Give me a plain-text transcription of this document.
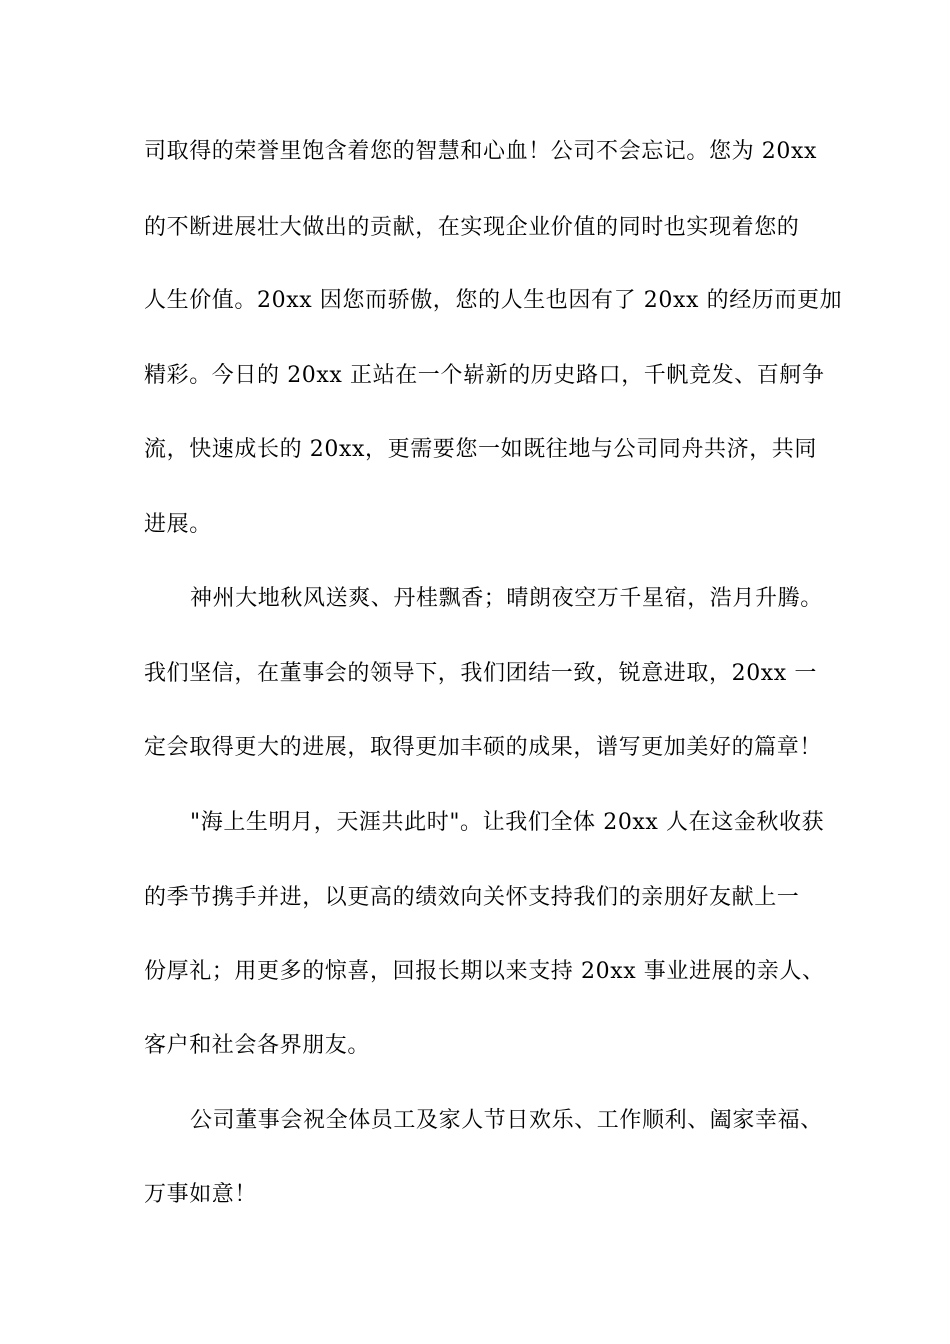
司取得的荣誉里饱含着您的智慧和心血！公司不会忘记。您为 20xx
的不断进展壮大做出的贡献，在实现企业价值的同时也实现着您的
人生价值。20xx 因您而骄傲，您的人生也因有了 20xx 的经历而更加
精彩。今日的 20xx 正站在一个崭新的历史路口，千帆竞发、百舸争
流，快速成长的 20xx，更需要您一如既往地与公司同舟共济，共同
进展。
神州大地秋风送爽、丹桂飘香；晴朗夜空万千星宿，浩月升腾。
我们坚信，在董事会的领导下，我们团结一致，锐意进取，20xx 一
定会取得更大的进展，取得更加丰硕的成果，谱写更加美好的篇章！
"海上生明月，天涯共此时"。让我们全体 20xx 人在这金秋收获
的季节携手并进，以更高的绩效向关怀支持我们的亲朋好友献上一
份厚礼；用更多的惊喜，回报长期以来支持 20xx 事业进展的亲人、
客户和社会各界朋友。
公司董事会祝全体员工及家人节日欢乐、工作顺利、阖家幸福、
万事如意！
